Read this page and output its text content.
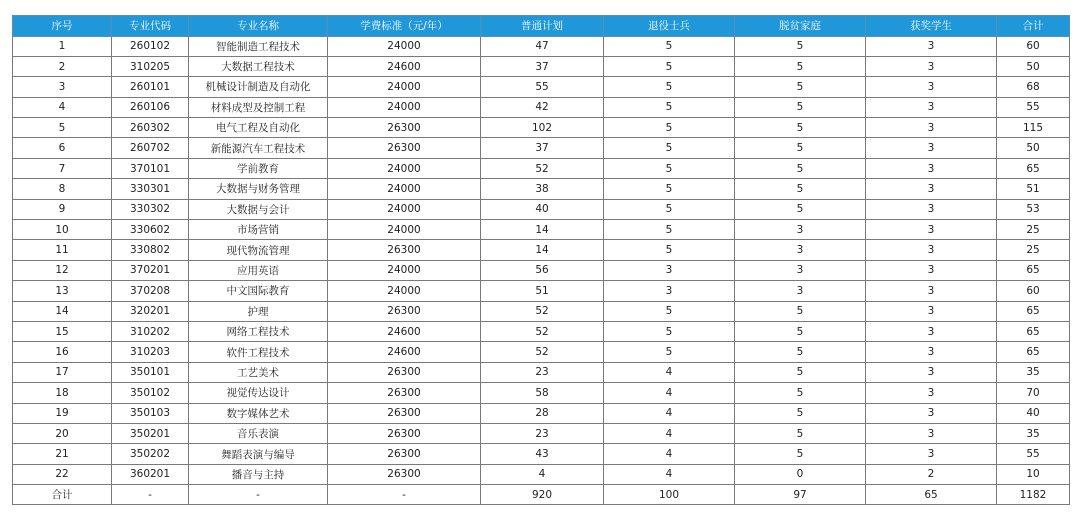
序号	专业代码	专业名称	学费标准（元/年）	普通计划	退役士兵	脱贫家庭	获奖学生	合计
1	260102	智能制造工程技术	24000	47	5	5	3	60
2	310205	大数据工程技术	24600	37	5	5	3	50
3	260101	机械设计制造及自动化	24000	55	5	5	3	68
4	260106	材料成型及控制工程	24000	42	5	5	3	55
5	260302	电气工程及自动化	26300	102	5	5	3	115
6	260702	新能源汽车工程技术	26300	37	5	5	3	50
7	370101	学前教育	24000	52	5	5	3	65
8	330301	大数据与财务管理	24000	38	5	5	3	51
9	330302	大数据与会计	24000	40	5	5	3	53
10	330602	市场营销	24000	14	5	3	3	25
11	330802	现代物流管理	26300	14	5	3	3	25
12	370201	应用英语	24000	56	3	3	3	65
13	370208	中文国际教育	24000	51	3	3	3	60
14	320201	护理	26300	52	5	5	3	65
15	310202	网络工程技术	24600	52	5	5	3	65
16	310203	软件工程技术	24600	52	5	5	3	65
17	350101	工艺美术	26300	23	4	5	3	35
18	350102	视觉传达设计	26300	58	4	5	3	70
19	350103	数字媒体艺术	26300	28	4	5	3	40
20	350201	音乐表演	26300	23	4	5	3	35
21	350202	舞蹈表演与编导	26300	43	4	5	3	55
22	360201	播音与主持	26300	4	4	0	2	10
合计	-	-	-	920	100	97	65	1182
